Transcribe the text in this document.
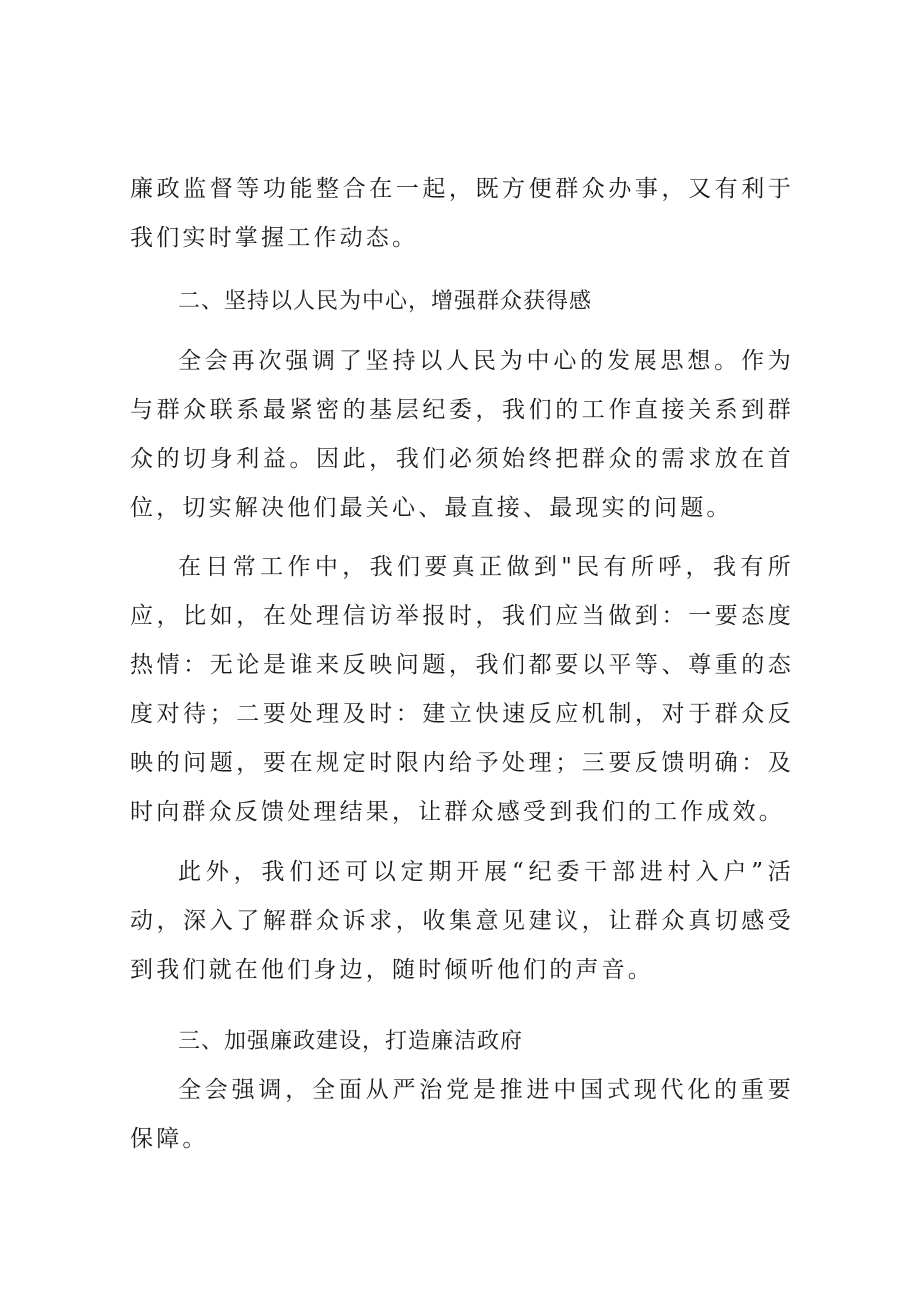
廉政监督等功能整合在一起，既方便群众办事，又有利于我们实时掌握工作动态。

二、坚持以人民为中心，增强群众获得感

全会再次强调了坚持以人民为中心的发展思想。作为与群众联系最紧密的基层纪委，我们的工作直接关系到群众的切身利益。因此，我们必须始终把群众的需求放在首位，切实解决他们最关心、最直接、最现实的问题。

在日常工作中，我们要真正做到"民有所呼，我有所应，比如，在处理信访举报时，我们应当做到：一要态度热情：无论是谁来反映问题，我们都要以平等、尊重的态度对待；二要处理及时：建立快速反应机制，对于群众反映的问题，要在规定时限内给予处理；三要反馈明确：及时向群众反馈处理结果，让群众感受到我们的工作成效。

此外，我们还可以定期开展“纪委干部进村入户”活动，深入了解群众诉求，收集意见建议，让群众真切感受到我们就在他们身边，随时倾听他们的声音。

三、加强廉政建设，打造廉洁政府

全会强调，全面从严治党是推进中国式现代化的重要保障。
